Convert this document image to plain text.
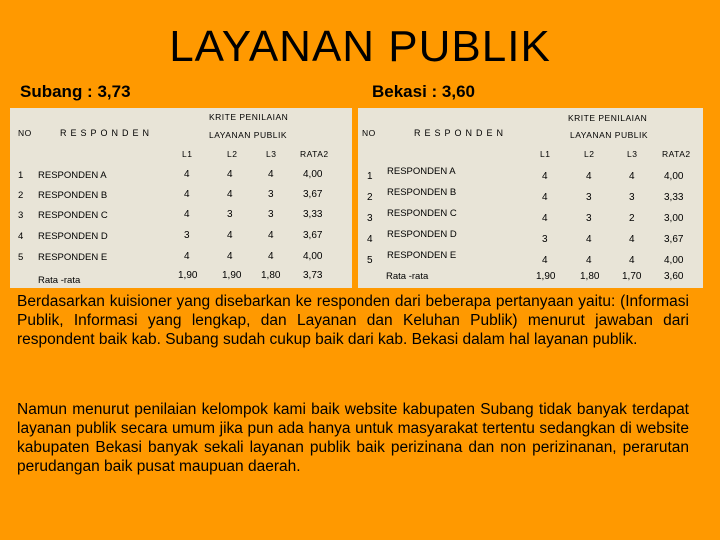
LAYANAN PUBLIK
Subang : 3,73	Bekasi : 3,60
KRITE PENILAIAN
NO	RESPONDEN	LAYANAN PUBLIK
L1	L2	L3	RATA2
1 RESPONDEN A	4	4	4	4,00
2 RESPONDEN B	4	4	3	3,67
3 RESPONDEN C	4	3	3	3,33
4 RESPONDEN D	3	4	4	3,67
5 RESPONDEN E	4	4	4	4,00
Rata -rata	1,90 1,90 1,80 3,73
KRITE PENILAIAN
NO	RESPONDEN	LAYANAN PUBLIK
L1	L2	L3	RATA2
1 RESPONDEN A	4	4	4	4,00
2 RESPONDEN B	4	3	3	3,33
3 RESPONDEN C	4	3	2	3,00
4 RESPONDEN D	3	4	4	3,67
5 RESPONDEN E	4	4	4	4,00
Rata -rata	1,90 1,80 1,70 3,60
Berdasarkan kuisioner yang disebarkan ke responden dari beberapa pertanyaan yaitu: (Informasi Publik, Informasi yang lengkap, dan Layanan dan Keluhan Publik) menurut jawaban dari respondent baik kab. Subang sudah cukup baik dari kab. Bekasi dalam hal layanan publik.
Namun menurut penilaian kelompok kami baik website kabupaten Subang tidak banyak terdapat layanan publik secara umum jika pun ada hanya untuk masyarakat tertentu sedangkan di website kabupaten Bekasi banyak sekali layanan publik baik perizinana dan non perizinanan, perarutan perudangan baik pusat maupuan daerah.
